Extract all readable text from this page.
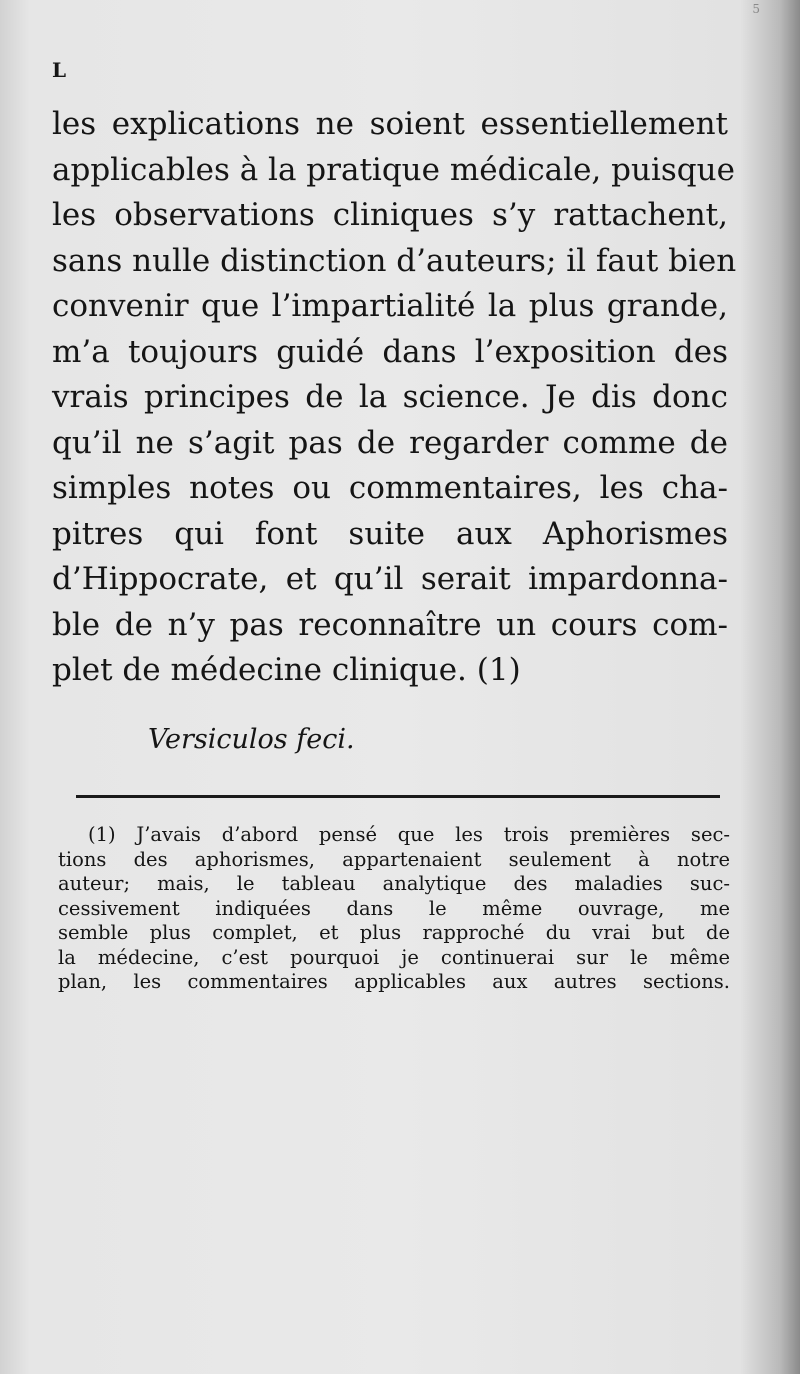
5
L
les explications ne soient essentiellement
applicables à la pratique médicale, puisque
les observations cliniques s’y rattachent,
sans nulle distinction d’auteurs; il faut bien
convenir que l’impartialité la plus grande,
m’a toujours guidé dans l’exposition des
vrais principes de la science. Je dis donc
qu’il ne s’agit pas de regarder comme de
simples notes ou commentaires, les cha-
pitres qui font suite aux Aphorismes
d’Hippocrate, et qu’il serait impardonna-
ble de n’y pas reconnaître un cours com-
plet de médecine clinique. (1)
Versiculos feci.
(1) J’avais d’abord pensé que les trois premières sec-
tions des aphorismes, appartenaient seulement à notre
auteur; mais, le tableau analytique des maladies suc-
cessivement indiquées dans le même ouvrage, me
semble plus complet, et plus rapproché du vrai but de
la médecine, c’est pourquoi je continuerai sur le même
plan, les commentaires applicables aux autres sections.
